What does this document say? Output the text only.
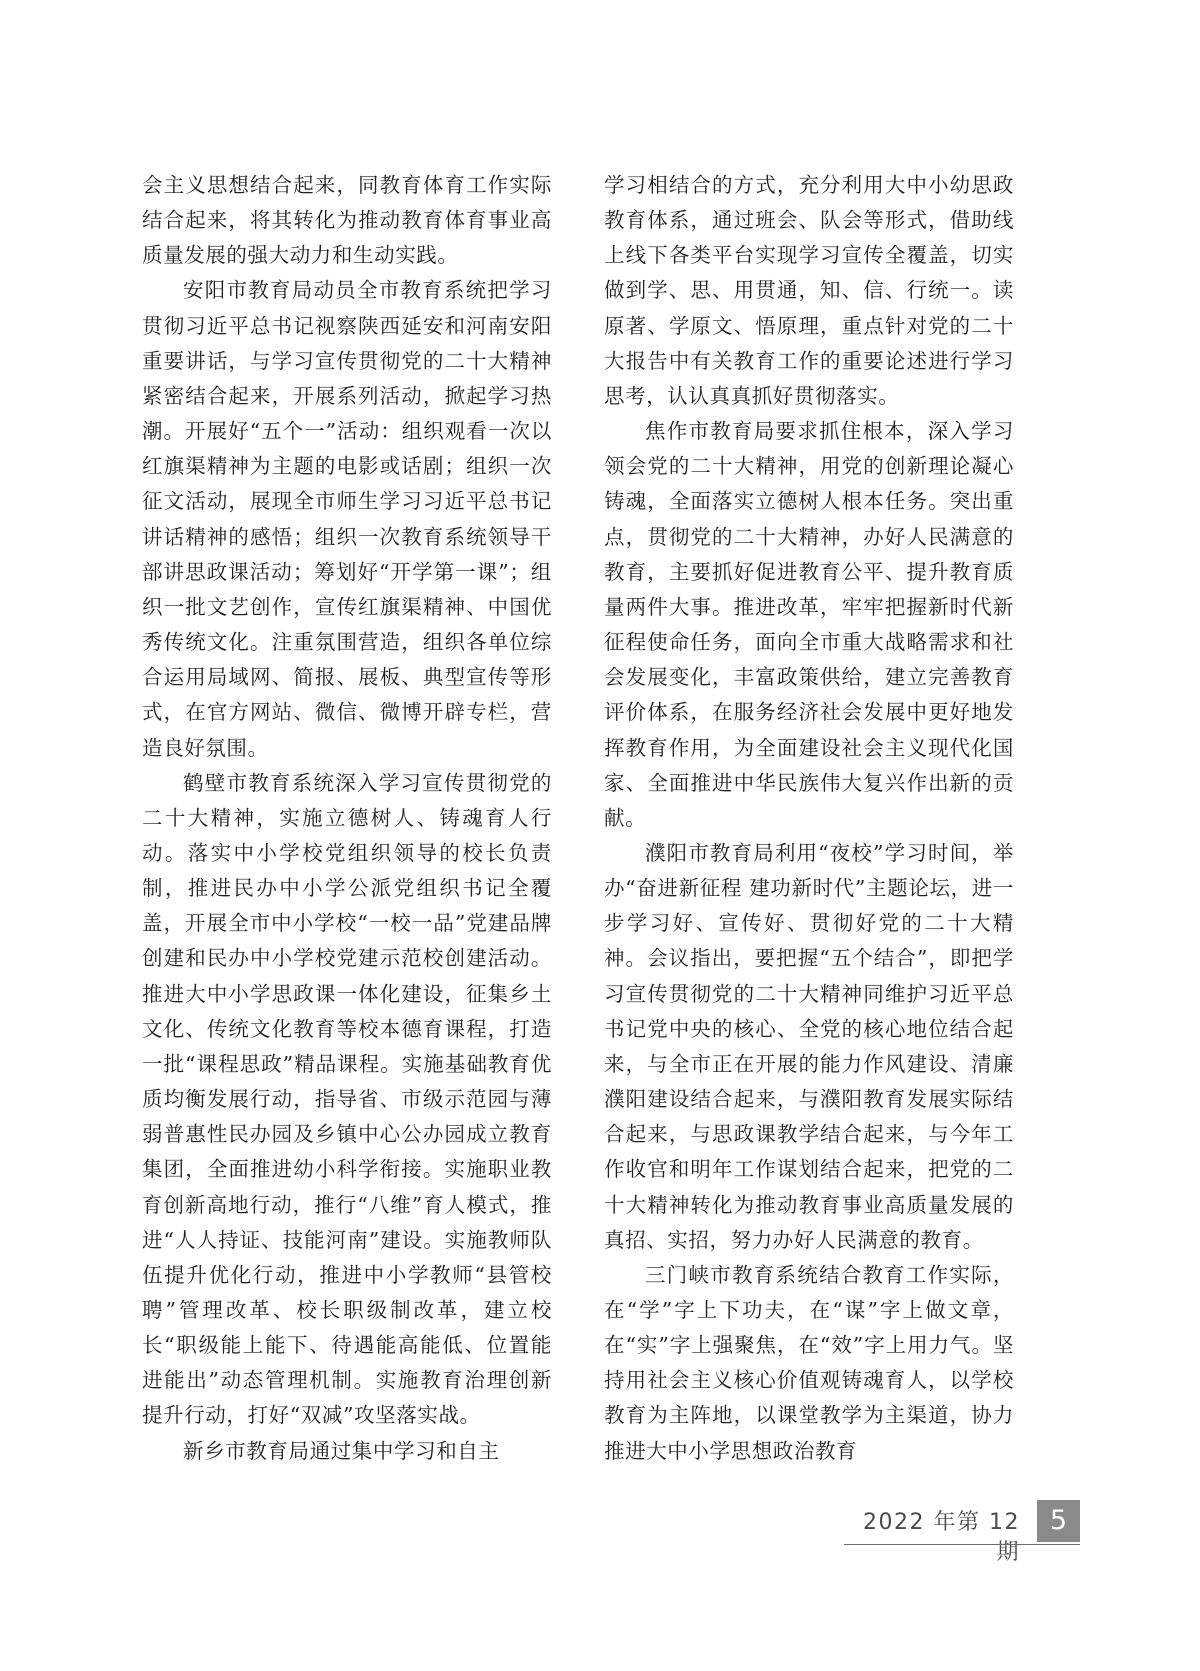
会主义思想结合起来，同教育体育工作实际结合起来，将其转化为推动教育体育事业高质量发展的强大动力和生动实践。

安阳市教育局动员全市教育系统把学习贯彻习近平总书记视察陕西延安和河南安阳重要讲话，与学习宣传贯彻党的二十大精神紧密结合起来，开展系列活动，掀起学习热潮。开展好“五个一”活动：组织观看一次以红旗渠精神为主题的电影或话剧；组织一次征文活动，展现全市师生学习习近平总书记讲话精神的感悟；组织一次教育系统领导干部讲思政课活动；筹划好“开学第一课”；组织一批文艺创作，宣传红旗渠精神、中国优秀传统文化。注重氛围营造，组织各单位综合运用局域网、简报、展板、典型宣传等形式，在官方网站、微信、微博开辟专栏，营造良好氛围。

鹤壁市教育系统深入学习宣传贯彻党的二十大精神，实施立德树人、铸魂育人行动。落实中小学校党组织领导的校长负责制，推进民办中小学公派党组织书记全覆盖，开展全市中小学校“一校一品”党建品牌创建和民办中小学校党建示范校创建活动。推进大中小学思政课一体化建设，征集乡土文化、传统文化教育等校本德育课程，打造一批“课程思政”精品课程。实施基础教育优质均衡发展行动，指导省、市级示范园与薄弱普惠性民办园及乡镇中心公办园成立教育集团，全面推进幼小科学衔接。实施职业教育创新高地行动，推行“八维”育人模式，推进“人人持证、技能河南”建设。实施教师队伍提升优化行动，推进中小学教师“县管校聘”管理改革、校长职级制改革，建立校长“职级能上能下、待遇能高能低、位置能进能出”动态管理机制。实施教育治理创新提升行动，打好“双减”攻坚落实战。

新乡市教育局通过集中学习和自主

学习相结合的方式，充分利用大中小幼思政教育体系，通过班会、队会等形式，借助线上线下各类平台实现学习宣传全覆盖，切实做到学、思、用贯通，知、信、行统一。读原著、学原文、悟原理，重点针对党的二十大报告中有关教育工作的重要论述进行学习思考，认认真真抓好贯彻落实。

焦作市教育局要求抓住根本，深入学习领会党的二十大精神，用党的创新理论凝心铸魂，全面落实立德树人根本任务。突出重点，贯彻党的二十大精神，办好人民满意的教育，主要抓好促进教育公平、提升教育质量两件大事。推进改革，牢牢把握新时代新征程使命任务，面向全市重大战略需求和社会发展变化，丰富政策供给，建立完善教育评价体系，在服务经济社会发展中更好地发挥教育作用，为全面建设社会主义现代化国家、全面推进中华民族伟大复兴作出新的贡献。

濮阳市教育局利用“夜校”学习时间，举办“奋进新征程 建功新时代”主题论坛，进一步学习好、宣传好、贯彻好党的二十大精神。会议指出，要把握“五个结合”，即把学习宣传贯彻党的二十大精神同维护习近平总书记党中央的核心、全党的核心地位结合起来，与全市正在开展的能力作风建设、清廉濮阳建设结合起来，与濮阳教育发展实际结合起来，与思政课教学结合起来，与今年工作收官和明年工作谋划结合起来，把党的二十大精神转化为推动教育事业高质量发展的真招、实招，努力办好人民满意的教育。

三门峡市教育系统结合教育工作实际，在“学”字上下功夫，在“谋”字上做文章，在“实”字上强聚焦，在“效”字上用力气。坚持用社会主义核心价值观铸魂育人，以学校教育为主阵地，以课堂教学为主渠道，协力推进大中小学思想政治教育

2022 年第 12 期
5
